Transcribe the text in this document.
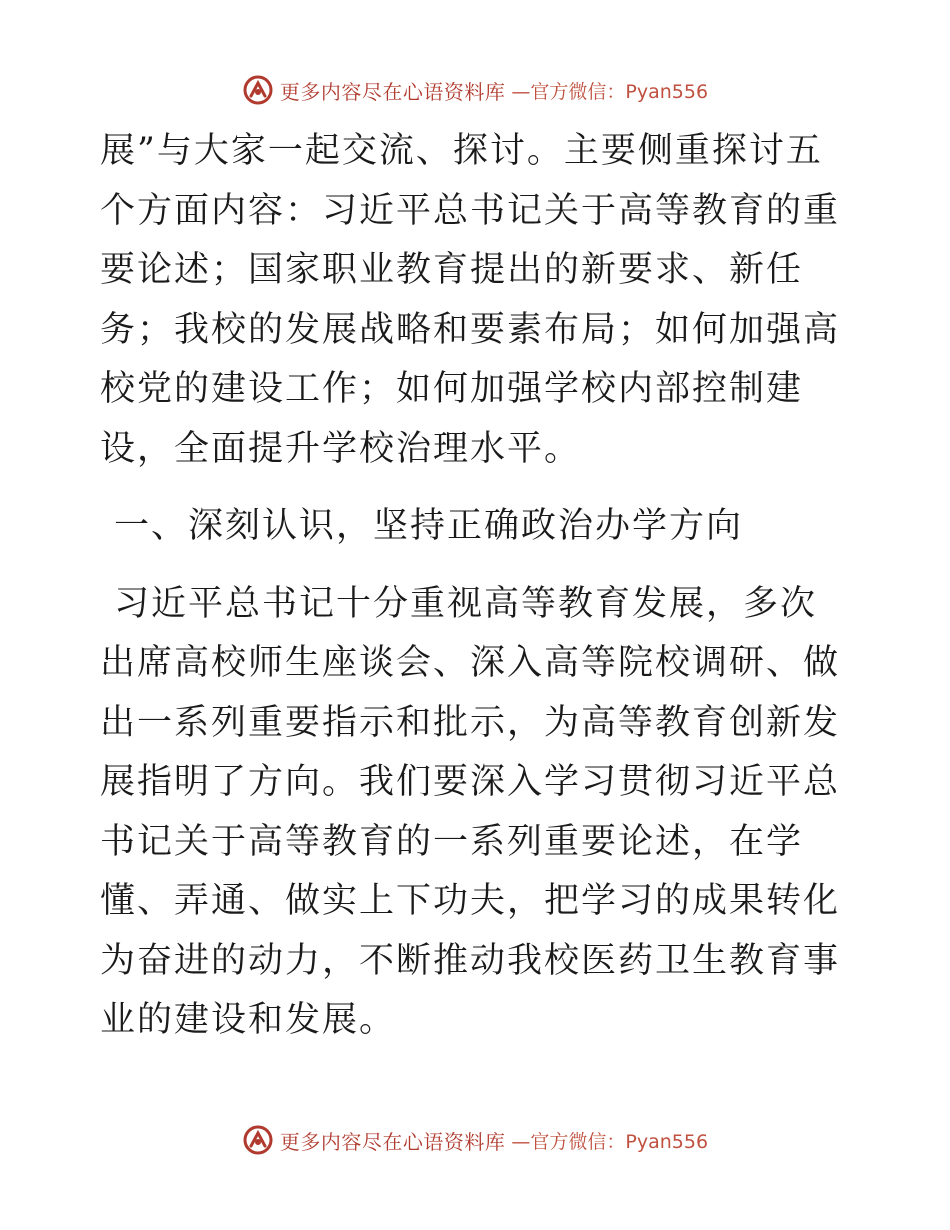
更多内容尽在心语资料库 —官方微信：Pyan556

展”与大家一起交流、探讨。主要侧重探讨五个方面内容：习近平总书记关于高等教育的重要论述；国家职业教育提出的新要求、新任务；我校的发展战略和要素布局；如何加强高校党的建设工作；如何加强学校内部控制建设，全面提升学校治理水平。

一、深刻认识，坚持正确政治办学方向

习近平总书记十分重视高等教育发展，多次出席高校师生座谈会、深入高等院校调研、做出一系列重要指示和批示，为高等教育创新发展指明了方向。我们要深入学习贯彻习近平总书记关于高等教育的一系列重要论述，在学懂、弄通、做实上下功夫，把学习的成果转化为奋进的动力，不断推动我校医药卫生教育事业的建设和发展。

更多内容尽在心语资料库 —官方微信：Pyan556
